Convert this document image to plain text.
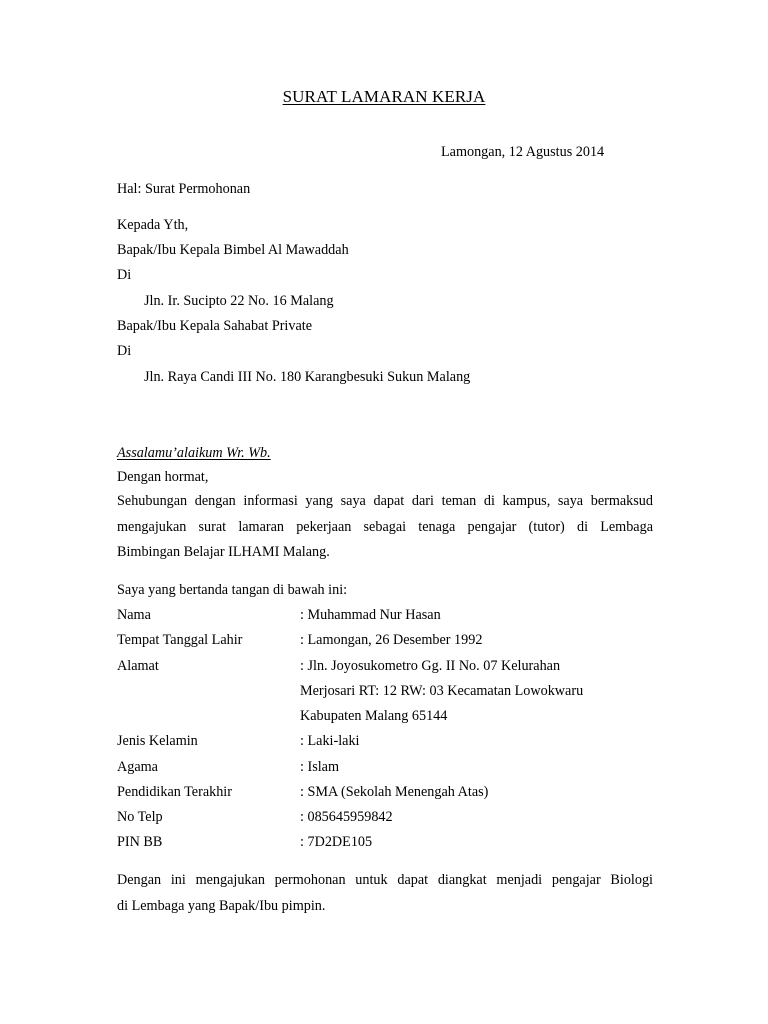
SURAT LAMARAN KERJA
Lamongan, 12 Agustus 2014
Hal: Surat Permohonan
Kepada Yth,
Bapak/Ibu Kepala Bimbel Al Mawaddah
Di
Jln. Ir. Sucipto 22 No. 16 Malang
Bapak/Ibu Kepala Sahabat Private
Di
Jln. Raya Candi III No. 180 Karangbesuki Sukun Malang
Assalamu’alaikum Wr. Wb.
Dengan hormat,
Sehubungan dengan informasi yang saya dapat dari teman di kampus, saya bermaksud
mengajukan surat lamaran pekerjaan sebagai tenaga pengajar (tutor) di Lembaga
Bimbingan Belajar ILHAMI Malang.
Saya yang bertanda tangan di bawah ini:
Nama	: Muhammad Nur Hasan
Tempat Tanggal Lahir	: Lamongan, 26 Desember 1992
Alamat	: Jln. Joyosukometro Gg. II No. 07 Kelurahan
Merjosari RT: 12 RW: 03 Kecamatan Lowokwaru
Kabupaten Malang 65144
Jenis Kelamin	: Laki-laki
Agama	: Islam
Pendidikan Terakhir	: SMA (Sekolah Menengah Atas)
No Telp	: 085645959842
PIN BB	: 7D2DE105
Dengan ini mengajukan permohonan untuk dapat diangkat menjadi pengajar Biologi
di Lembaga yang Bapak/Ibu pimpin.
